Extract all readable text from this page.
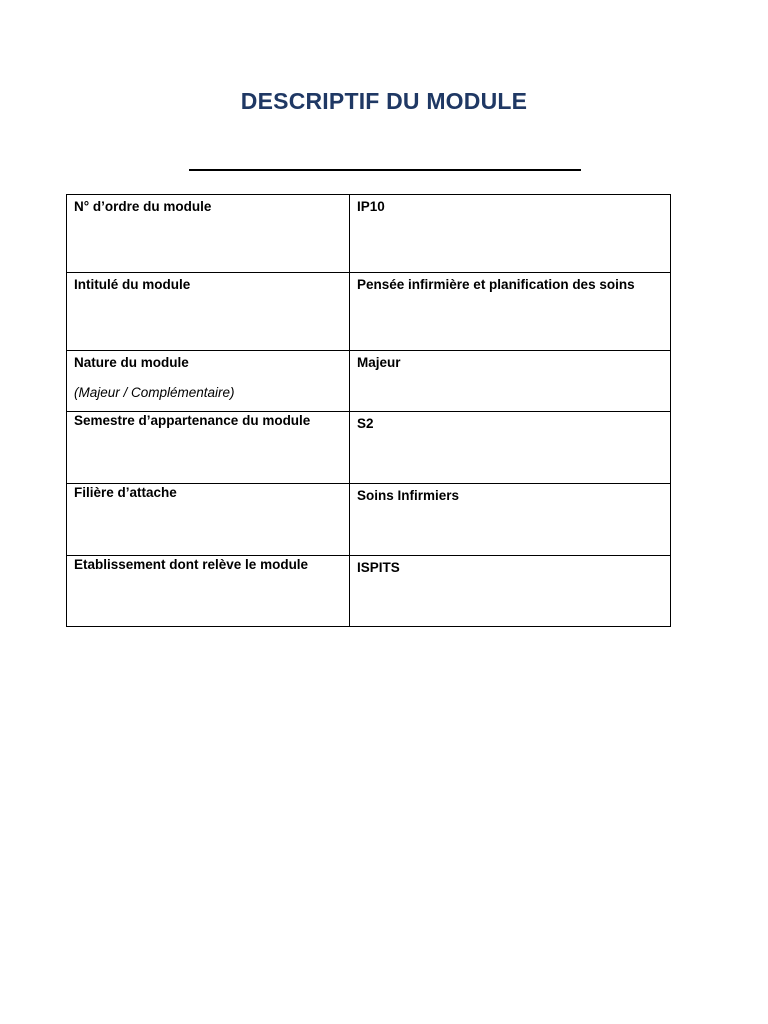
DESCRIPTIF DU MODULE
N° d’ordre du module	IP10

Intitulé du module	Pensée infirmière et planification des soins

Nature du module
(Majeur / Complémentaire)	Majeur

Semestre d’appartenance du module	S2

Filière d’attache	Soins Infirmiers

Etablissement dont relève le module	ISPITS
